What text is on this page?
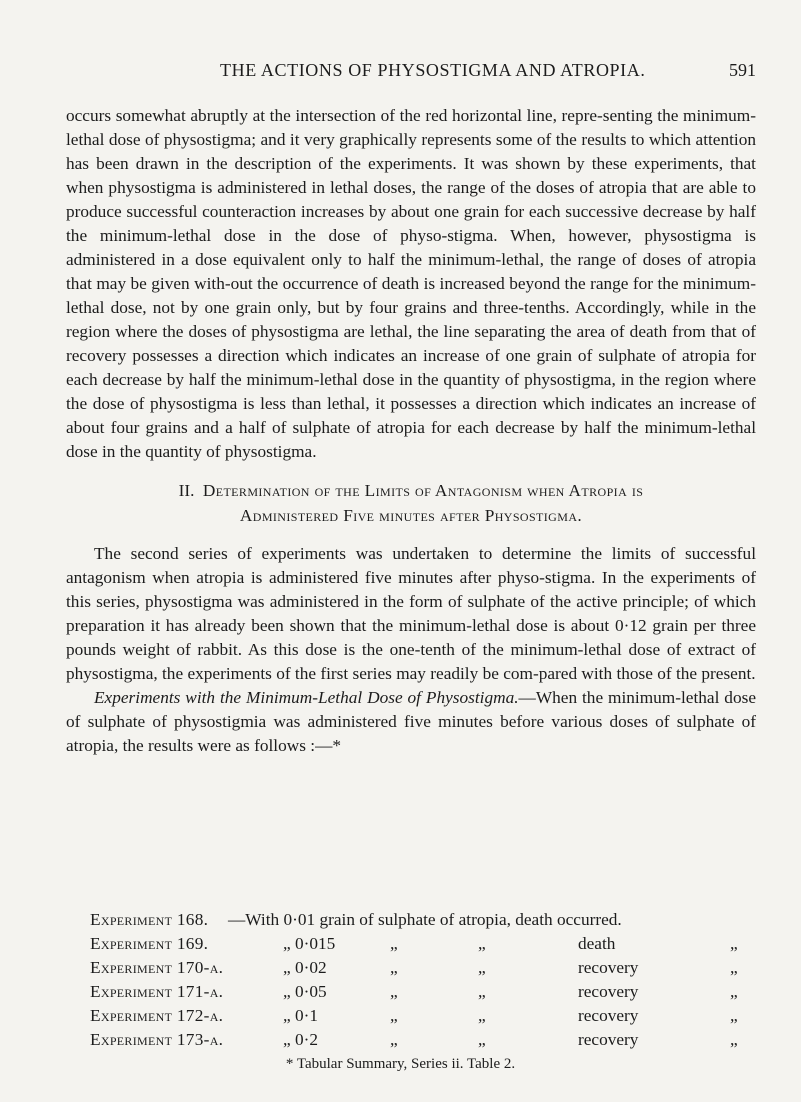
THE ACTIONS OF PHYSOSTIGMA AND ATROPIA.	591

occurs somewhat abruptly at the intersection of the red horizontal line, repre-senting the minimum-lethal dose of physostigma; and it very graphically represents some of the results to which attention has been drawn in the description of the experiments. It was shown by these experiments, that when physostigma is administered in lethal doses, the range of the doses of atropia that are able to produce successful counteraction increases by about one grain for each successive decrease by half the minimum-lethal dose in the dose of physo-stigma. When, however, physostigma is administered in a dose equivalent only to half the minimum-lethal, the range of doses of atropia that may be given with-out the occurrence of death is increased beyond the range for the minimum-lethal dose, not by one grain only, but by four grains and three-tenths. Accordingly, while in the region where the doses of physostigma are lethal, the line separating the area of death from that of recovery possesses a direction which indicates an increase of one grain of sulphate of atropia for each decrease by half the minimum-lethal dose in the quantity of physostigma, in the region where the dose of physostigma is less than lethal, it possesses a direction which indicates an increase of about four grains and a half of sulphate of atropia for each decrease by half the minimum-lethal dose in the quantity of physostigma.

II. Determination of the Limits of Antagonism when Atropia is
Administered Five minutes after Physostigma.

The second series of experiments was undertaken to determine the limits of successful antagonism when atropia is administered five minutes after physo-stigma. In the experiments of this series, physostigma was administered in the form of sulphate of the active principle; of which preparation it has already been shown that the minimum-lethal dose is about 0·12 grain per three pounds weight of rabbit. As this dose is the one-tenth of the minimum-lethal dose of extract of physostigma, the experiments of the first series may readily be com-pared with those of the present.

Experiments with the Minimum-Lethal Dose of Physostigma.—When the minimum-lethal dose of sulphate of physostigmia was administered five minutes before various doses of sulphate of atropia, the results were as follows :—*

Experiment 168. —With 0·01 grain of sulphate of atropia, death occurred.
Experiment 169.	„ 0·015	„	„	death	„
Experiment 170-a.	„ 0·02	„	„	recovery	„
Experiment 171-a.	„ 0·05	„	„	recovery	„
Experiment 172-a.	„ 0·1	„	„	recovery	„
Experiment 173-a.	„ 0·2	„	„	recovery	„
* Tabular Summary, Series ii. Table 2.
